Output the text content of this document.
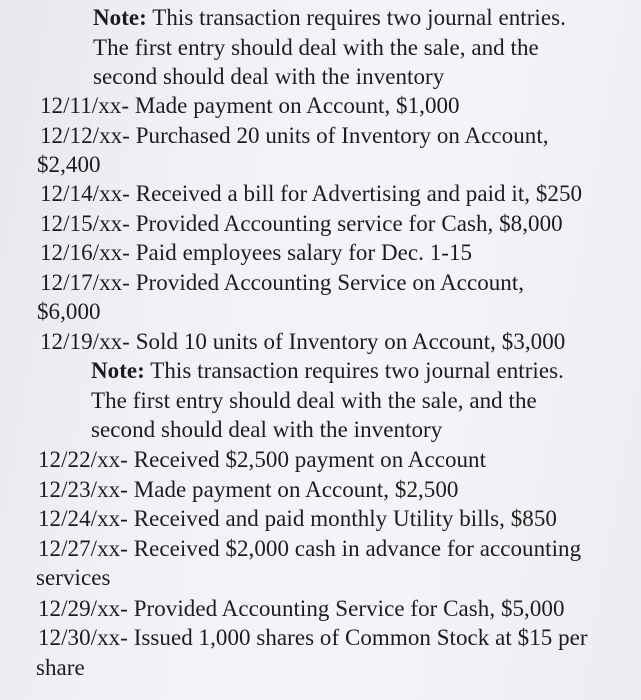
Note: This transaction requires two journal entries.
The first entry should deal with the sale, and the
second should deal with the inventory
12/11/xx- Made payment on Account, $1,000
12/12/xx- Purchased 20 units of Inventory on Account,
$2,400
12/14/xx- Received a bill for Advertising and paid it, $250
12/15/xx- Provided Accounting service for Cash, $8,000
12/16/xx- Paid employees salary for Dec. 1-15
12/17/xx- Provided Accounting Service on Account,
$6,000
12/19/xx- Sold 10 units of Inventory on Account, $3,000
Note: This transaction requires two journal entries.
The first entry should deal with the sale, and the
second should deal with the inventory
12/22/xx- Received $2,500 payment on Account
12/23/xx- Made payment on Account, $2,500
12/24/xx- Received and paid monthly Utility bills, $850
12/27/xx- Received $2,000 cash in advance for accounting
services
12/29/xx- Provided Accounting Service for Cash, $5,000
12/30/xx- Issued 1,000 shares of Common Stock at $15 per
share
